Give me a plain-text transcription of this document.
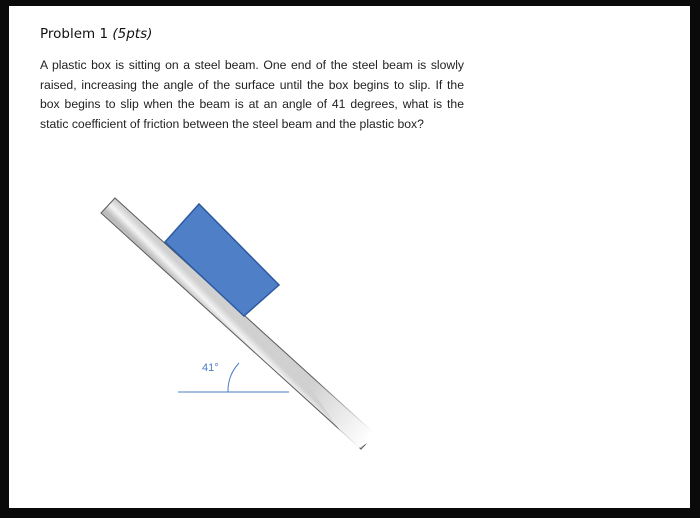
Problem 1 (5pts)
A plastic box is sitting on a steel beam. One end of the steel beam is slowly raised, increasing the angle of the surface until the box begins to slip. If the box begins to slip when the beam is at an angle of 41 degrees, what is the static coefficient of friction between the steel beam and the plastic box?
41°
